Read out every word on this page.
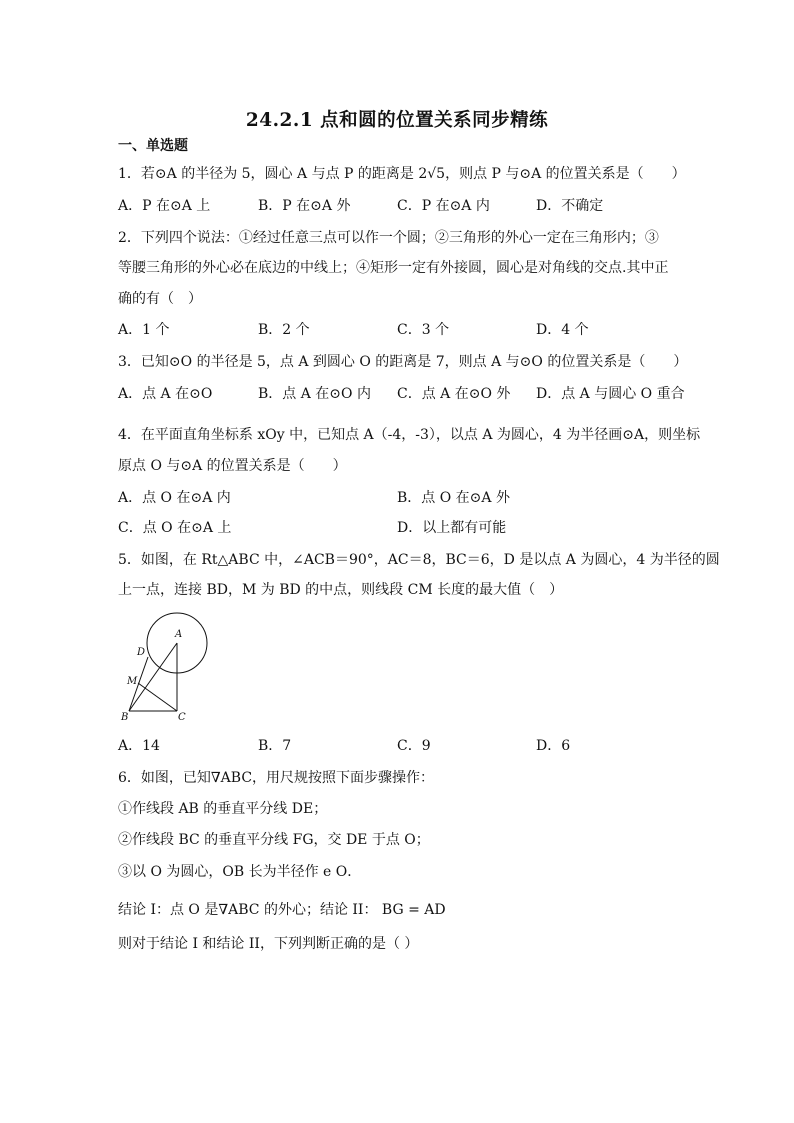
24.2.1 点和圆的位置关系同步精练
一、单选题
1．若⊙A 的半径为 5，圆心 A 与点 P 的距离是 2√5，则点 P 与⊙A 的位置关系是（　　）
A．P 在⊙A 上	B．P 在⊙A 外	C．P 在⊙A 内	D．不确定
2．下列四个说法：①经过任意三点可以作一个圆；②三角形的外心一定在三角形内；③
等腰三角形的外心必在底边的中线上；④矩形一定有外接圆，圆心是对角线的交点.其中正
确的有（　）
A．1 个	B．2 个	C．3 个	D．4 个
3．已知⊙O 的半径是 5，点 A 到圆心 O 的距离是 7，则点 A 与⊙O 的位置关系是（　　）
A．点 A 在⊙O	B．点 A 在⊙O 内 C．点 A 在⊙O 外 D．点 A 与圆心 O 重合
4．在平面直角坐标系 xOy 中，已知点 A（-4，-3），以点 A 为圆心，4 为半径画⊙A，则坐标
原点 O 与⊙A 的位置关系是（　　）
A．点 O 在⊙A 内	B．点 O 在⊙A 外
C．点 O 在⊙A 上	D．以上都有可能
5．如图，在 Rt△ABC 中，∠ACB＝90°，AC＝8，BC＝6，D 是以点 A 为圆心，4 为半径的圆
上一点，连接 BD，M 为 BD 的中点，则线段 CM 长度的最大值（　）
A
D
M
B	C
A．14	B．7	C．9	D．6
6．如图，已知∇ABC，用尺规按照下面步骤操作：
①作线段 AB 的垂直平分线 DE；
②作线段 BC 的垂直平分线 FG，交 DE 于点 O；
③以 O 为圆心，OB 长为半径作 e O．
结论 I：点 O 是∇ABC 的外心；结论 II： BG = AD
则对于结论 I 和结论 II，下列判断正确的是（ ）
